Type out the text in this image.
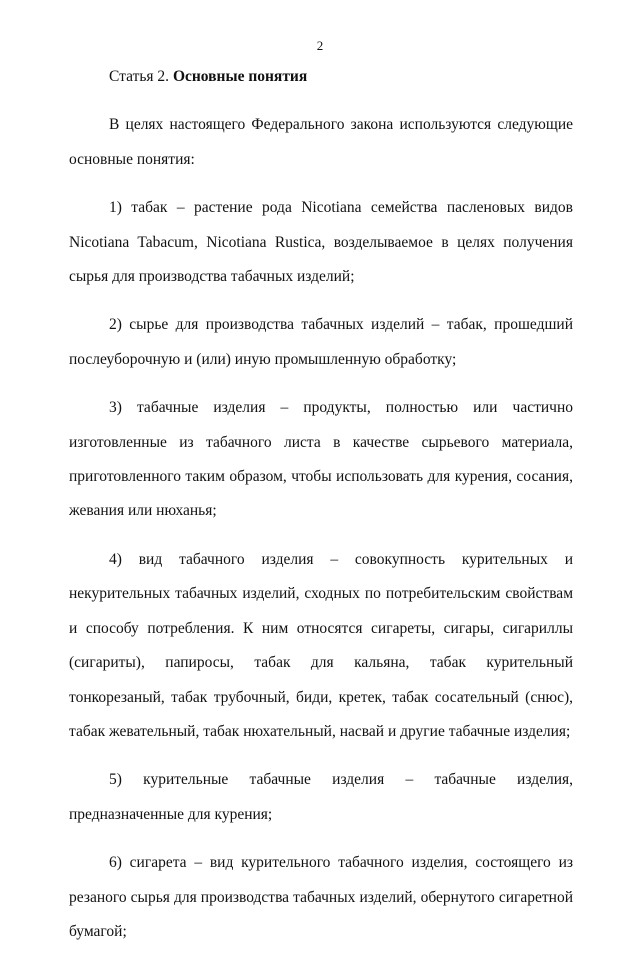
2
Статья 2. Основные понятия

В целях настоящего Федерального закона используются следующие основные понятия:

1) табак – растение рода Nicotiana семейства пасленовых видов Nicotiana Tabacum, Nicotiana Rustica, возделываемое в целях получения сырья для производства табачных изделий;

2) сырье для производства табачных изделий – табак, прошедший послеуборочную и (или) иную промышленную обработку;

3) табачные изделия – продукты, полностью или частично изготовленные из табачного листа в качестве сырьевого материала, приготовленного таким образом, чтобы использовать для курения, сосания, жевания или нюханья;

4) вид табачного изделия – совокупность курительных и некурительных табачных изделий, сходных по потребительским свойствам и способу потребления. К ним относятся сигареты, сигары, сигариллы (сигариты), папиросы, табак для кальяна, табак курительный тонкорезаный, табак трубочный, биди, кретек, табак сосательный (снюс), табак жевательный, табак нюхательный, насвай и другие табачные изделия;

5) курительные табачные изделия – табачные изделия, предназначенные для курения;

6) сигарета – вид курительного табачного изделия, состоящего из резаного сырья для производства табачных изделий, обернутого сигаретной бумагой;
